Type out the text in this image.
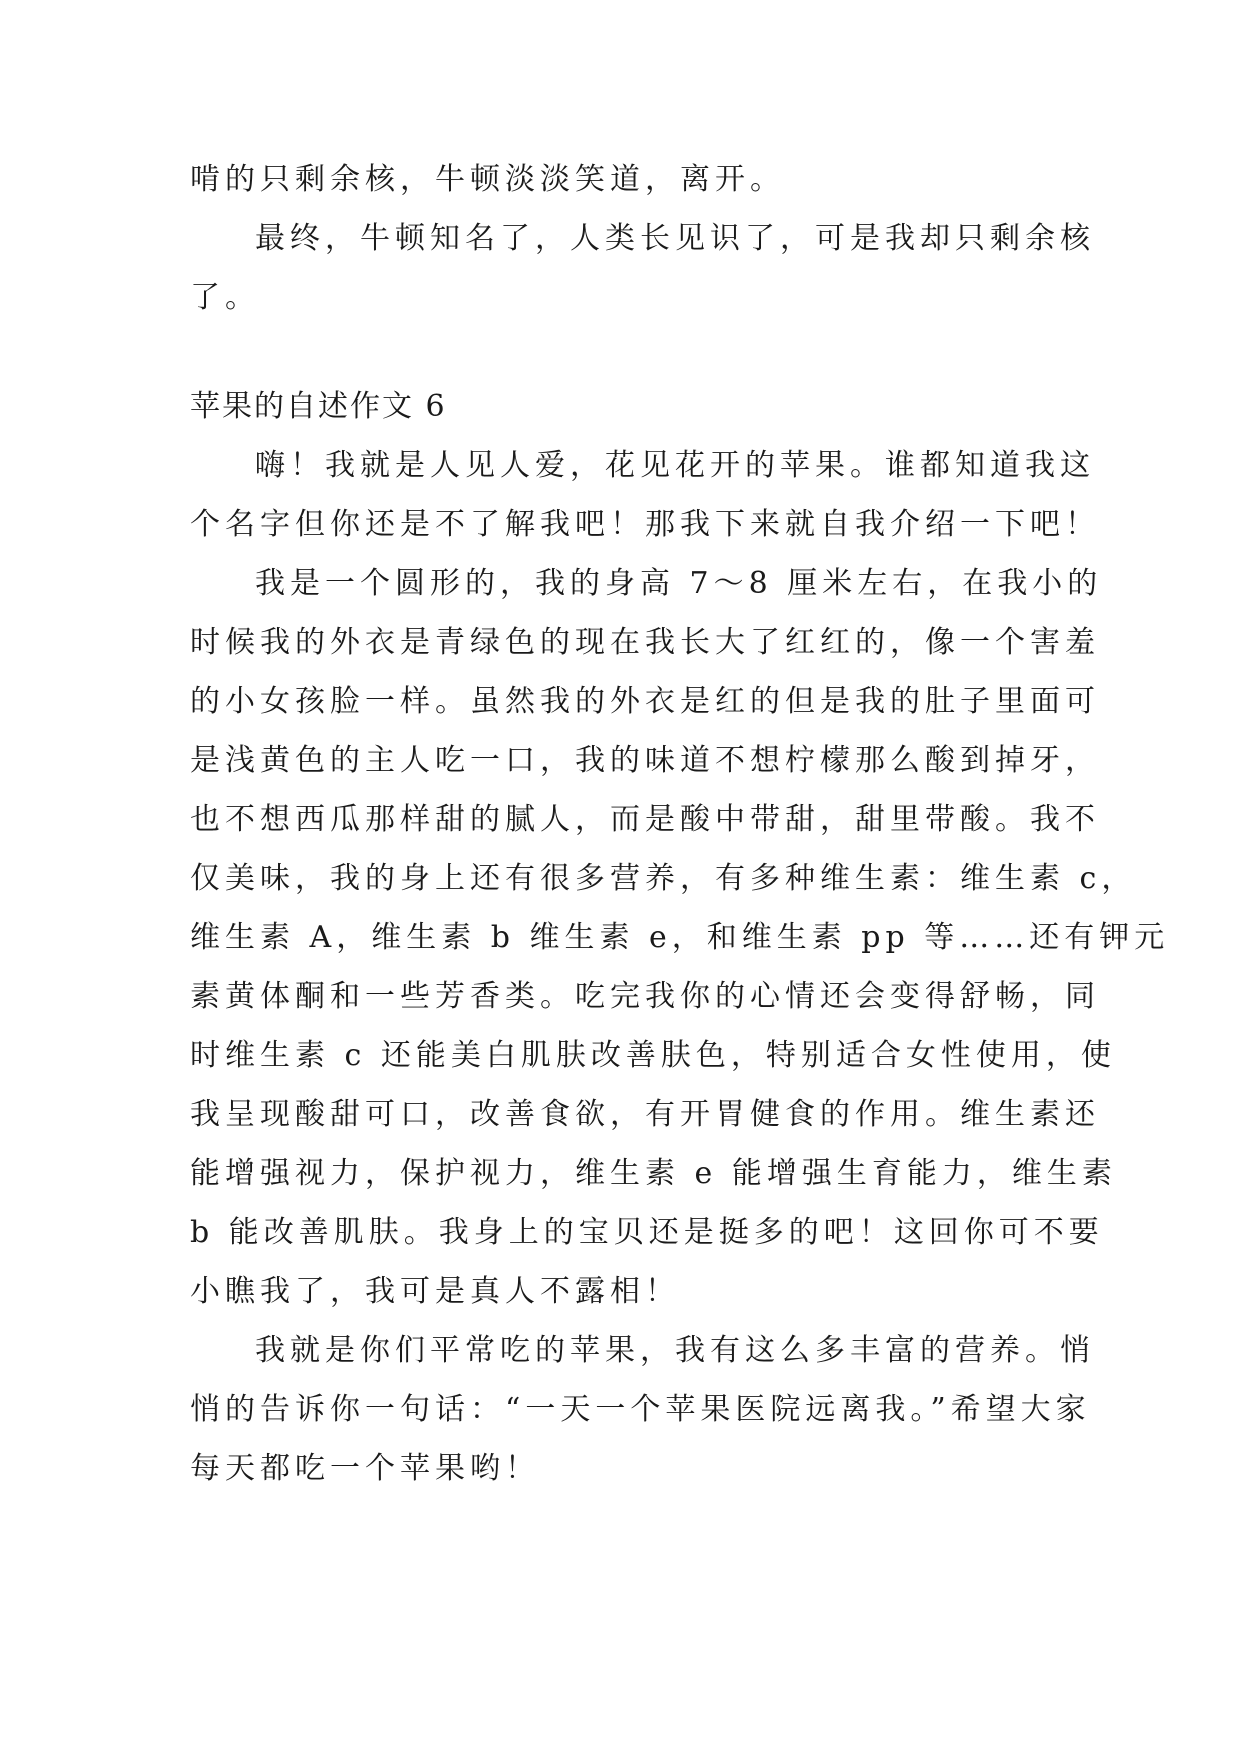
啃的只剩余核，牛顿淡淡笑道，离开。
最终，牛顿知名了，人类长见识了，可是我却只剩余核
了。
苹果的自述作文 6
嗨！我就是人见人爱，花见花开的苹果。谁都知道我这
个名字但你还是不了解我吧！那我下来就自我介绍一下吧！
我是一个圆形的，我的身高 7～8 厘米左右，在我小的
时候我的外衣是青绿色的现在我长大了红红的，像一个害羞
的小女孩脸一样。虽然我的外衣是红的但是我的肚子里面可
是浅黄色的主人吃一口，我的味道不想柠檬那么酸到掉牙，
也不想西瓜那样甜的腻人，而是酸中带甜，甜里带酸。我不
仅美味，我的身上还有很多营养，有多种维生素：维生素 c，
维生素 A，维生素 b 维生素 e，和维生素 pp 等……还有钾元
素黄体酮和一些芳香类。吃完我你的心情还会变得舒畅，同
时维生素 c 还能美白肌肤改善肤色，特别适合女性使用，使
我呈现酸甜可口，改善食欲，有开胃健食的作用。维生素还
能增强视力，保护视力，维生素 e 能增强生育能力，维生素
b 能改善肌肤。我身上的宝贝还是挺多的吧！这回你可不要
小瞧我了，我可是真人不露相！
我就是你们平常吃的苹果，我有这么多丰富的营养。悄
悄的告诉你一句话：“一天一个苹果医院远离我。”希望大家
每天都吃一个苹果哟！
